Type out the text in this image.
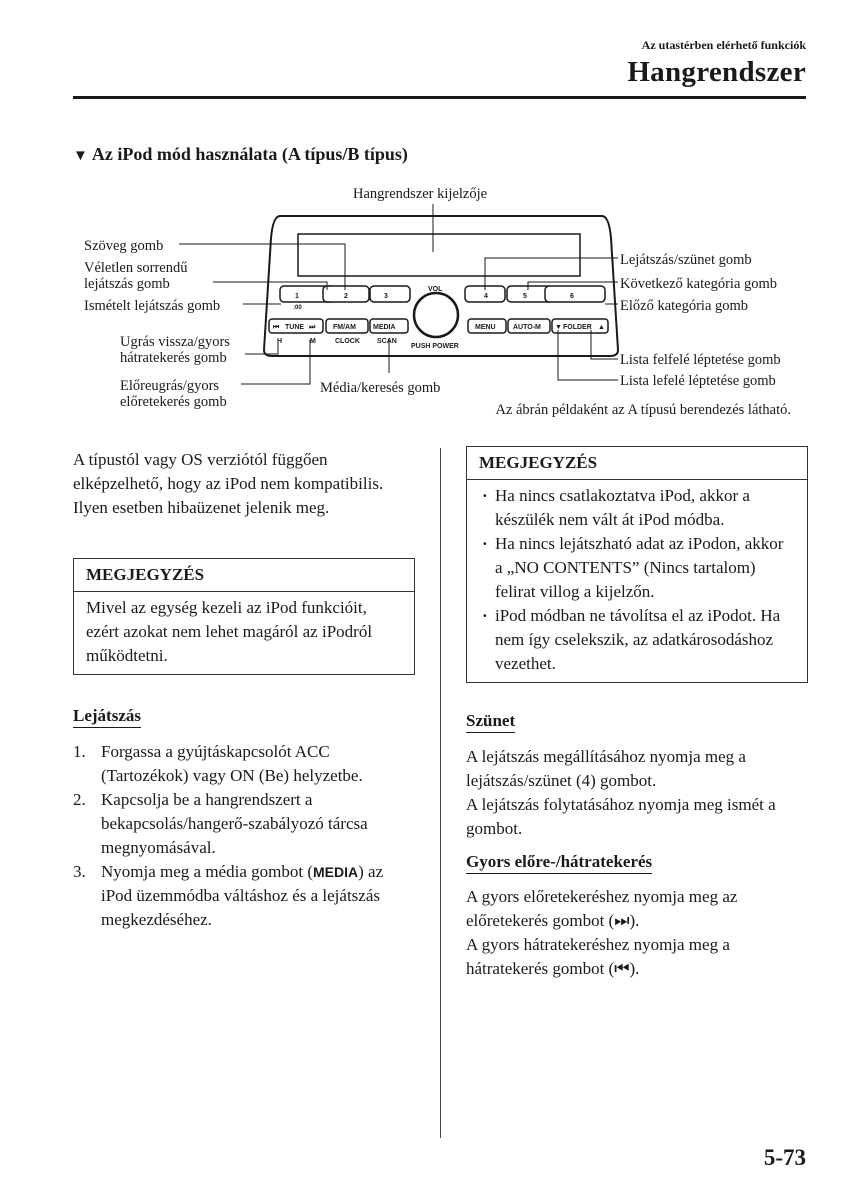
Az utastérben elérhető funkciók
Hangrendszer
▼ Az iPod mód használata (A típus/B típus)
1	2	3	4	5	6
:00
VOL
PUSH POWER
⏮ TUNE ⏭	FM/AM MEDIA
H	M	CLOCK SCAN
MENU AUTO-M ▼ FOLDER ▲
Hangrendszer kijelzője
Szöveg gomb
Véletlen sorrendű
lejátszás gomb
Ismételt lejátszás gomb
Ugrás vissza/gyors
hátratekerés gomb
Előreugrás/gyors
előretekerés gomb
Média/keresés gomb
Lejátszás/szünet gomb
Következő kategória gomb
Előző kategória gomb
Lista felfelé léptetése gomb
Lista lefelé léptetése gomb
Az ábrán példaként az A típusú berendezés látható.
A típustól vagy OS verziótól függően elképzelhető, hogy az iPod nem kompatibilis. Ilyen esetben hibaüzenet jelenik meg.
MEGJEGYZÉS
Mivel az egység kezeli az iPod funkcióit, ezért azokat nem lehet magáról az iPodról működtetni.
Lejátszás
1. Forgassa a gyújtáskapcsolót ACC (Tartozékok) vagy ON (Be) helyzetbe.
2. Kapcsolja be a hangrendszert a bekapcsolás/hangerő-szabályozó tárcsa megnyomásával.
3. Nyomja meg a média gombot (MEDIA) az iPod üzemmódba váltáshoz és a lejátszás megkezdéséhez.
MEGJEGYZÉS
· Ha nincs csatlakoztatva iPod, akkor a készülék nem vált át iPod módba.
· Ha nincs lejátszható adat az iPodon, akkor a „NO CONTENTS” (Nincs tartalom) felirat villog a kijelzőn.
· iPod módban ne távolítsa el az iPodot. Ha nem így cselekszik, az adatkárosodáshoz vezethet.
Szünet
A lejátszás megállításához nyomja meg a lejátszás/szünet (4) gombot.
A lejátszás folytatásához nyomja meg ismét a gombot.
Gyors előre-/hátratekerés
A gyors előretekeréshez nyomja meg az előretekerés gombot (⏭).
A gyors hátratekeréshez nyomja meg a hátratekerés gombot (⏮).
5-73
